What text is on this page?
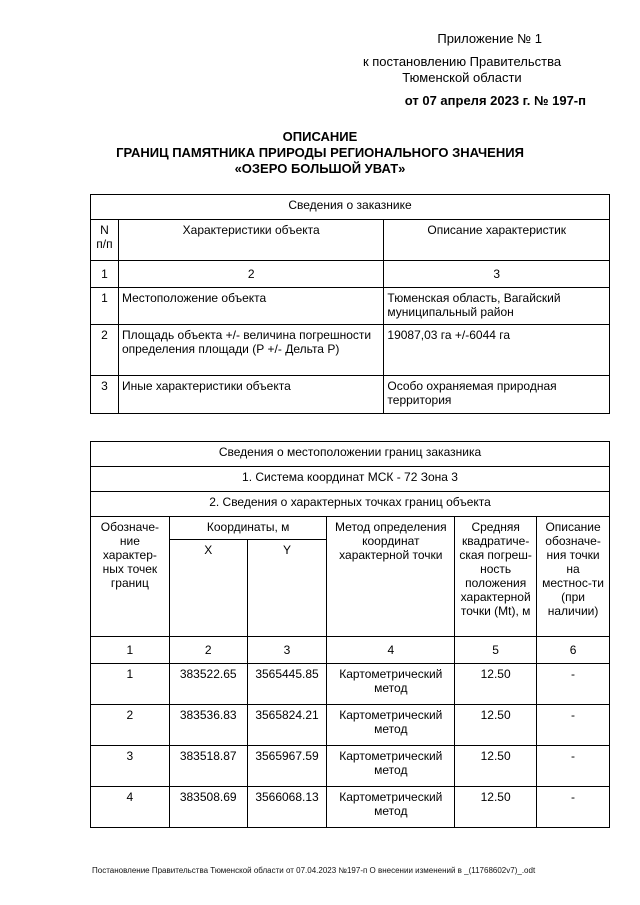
Приложение № 1
к постановлению Правительства Тюменской области
от 07 апреля 2023 г. № 197-п
ОПИСАНИЕ
ГРАНИЦ ПАМЯТНИКА ПРИРОДЫ РЕГИОНАЛЬНОГО ЗНАЧЕНИЯ
«ОЗЕРО БОЛЬШОЙ УВАТ»
Сведения о заказнике		
N п/п	Характеристики объекта	Описание характеристик
1	2	3
1	Местоположение объекта	Тюменская область, Вагайский муниципальный район
2	Площадь объекта +/- величина погрешности определения площади (Р +/- Дельта Р)	19087,03 га +/-6044 га
3	Иные характеристики объекта	Особо охраняемая природная территория
Сведения о местоположении границ заказника					
1. Система координат МСК - 72 Зона 3					
2. Сведения о характерных точках границ объекта					
Обозначе-ние характер-ных точек границ	Координаты, м		Метод определения координат характерной точки	Средняя квадратиче-ская погреш-ность положения характерной точки (Mt), м	Описание обозначе-ния точки на местнос-ти (при наличии)
	X	Y			
1	2	3	4	5	6
1	383522.65	3565445.85	Картометрический метод	12.50	-
2	383536.83	3565824.21	Картометрический метод	12.50	-
3	383518.87	3565967.59	Картометрический метод	12.50	-
4	383508.69	3566068.13	Картометрический метод	12.50	-
Постановление Правительства Тюменской области от 07.04.2023 №197-п О внесении изменений в _(11768602v7)_.odt
